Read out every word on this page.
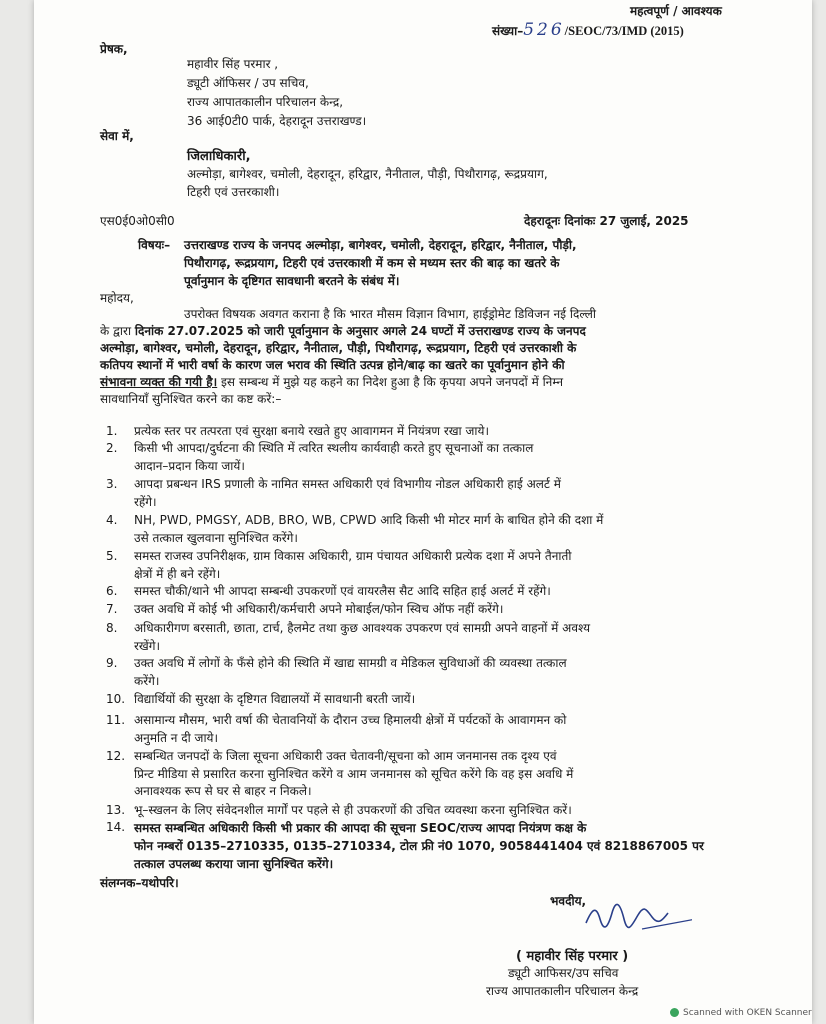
महत्वपूर्ण / आवश्यक
संख्या–526/SEOC/73/IMD (2015)
प्रेषक,
महावीर सिंह परमार ,
ड्यूटी ऑफिसर / उप सचिव,
राज्य आपातकालीन परिचालन केन्द्र,
36 आई0टी0 पार्क, देहरादून उत्तराखण्ड।
सेवा में,
जिलाधिकारी,
अल्मोड़ा, बागेश्वर, चमोली, देहरादून, हरिद्वार, नैनीताल, पौड़ी, पिथौरागढ़, रूद्रप्रयाग,
टिहरी एवं उत्तरकाशी।
एस0ई0ओ0सी0	देहरादूनः दिनांकः 27 जुलाई, 2025
विषयः– उत्तराखण्ड राज्य के जनपद अल्मोड़ा, बागेश्वर, चमोली, देहरादून, हरिद्वार, नैनीताल, पौड़ी,
पिथौरागढ़, रूद्रप्रयाग, टिहरी एवं उत्तरकाशी में कम से मध्यम स्तर की बाढ़ का खतरे के
पूर्वानुमान के दृष्टिगत सावधानी बरतने के संबंध में।
महोदय,
उपरोक्त विषयक अवगत कराना है कि भारत मौसम विज्ञान विभाग, हाईड्रोमेट डिविजन नई दिल्ली
के द्वारा दिनांक 27.07.2025 को जारी पूर्वानुमान के अनुसार अगले 24 घण्टों में उत्तराखण्ड राज्य के जनपद
अल्मोड़ा, बागेश्वर, चमोली, देहरादून, हरिद्वार, नैनीताल, पौड़ी, पिथौरागढ़, रूद्रप्रयाग, टिहरी एवं उत्तरकाशी के
कतिपय स्थानों में भारी वर्षा के कारण जल भराव की स्थिति उत्पन्न होने/बाढ़ का खतरे का पूर्वानुमान होने की
संभावना व्यक्त की गयी है। इस सम्बन्ध में मुझे यह कहने का निदेश हुआ है कि कृपया अपने जनपदों में निम्न
सावधानियाँ सुनिश्चित करने का कष्ट करें:–
1.	प्रत्येक स्तर पर तत्परता एवं सुरक्षा बनाये रखते हुए आवागमन में नियंत्रण रखा जाये।
2.	किसी भी आपदा/दुर्घटना की स्थिति में त्वरित स्थलीय कार्यवाही करते हुए सूचनाओं का तत्काल
आदान–प्रदान किया जायें।
3.	आपदा प्रबन्धन IRS प्रणाली के नामित समस्त अधिकारी एवं विभागीय नोडल अधिकारी हाई अलर्ट में
रहेंगे।
4.	NH, PWD, PMGSY, ADB, BRO, WB, CPWD आदि किसी भी मोटर मार्ग के बाधित होने की दशा में
उसे तत्काल खुलवाना सुनिश्चित करेंगे।
5.	समस्त राजस्व उपनिरीक्षक, ग्राम विकास अधिकारी, ग्राम पंचायत अधिकारी प्रत्येक दशा में अपने तैनाती
क्षेत्रों में ही बने रहेंगे।
6.	समस्त चौकी/थाने भी आपदा सम्बन्धी उपकरणों एवं वायरलैस सैट आदि सहित हाई अलर्ट में रहेंगे।
7.	उक्त अवधि में कोई भी अधिकारी/कर्मचारी अपने मोबाईल/फोन स्विच ऑफ नहीं करेंगे।
8.	अधिकारीगण बरसाती, छाता, टार्च, हैलमेट तथा कुछ आवश्यक उपकरण एवं सामग्री अपने वाहनों में अवश्य
रखेंगे।
9.	उक्त अवधि में लोगों के फँसे होने की स्थिति में खाद्य सामग्री व मेडिकल सुविधाओं की व्यवस्था तत्काल
करेंगे।
10. विद्यार्थियों की सुरक्षा के दृष्टिगत विद्यालयों में सावधानी बरती जायें।
11. असामान्य मौसम, भारी वर्षा की चेतावनियों के दौरान उच्च हिमालयी क्षेत्रों में पर्यटकों के आवागमन को
अनुमति न दी जाये।
12. सम्बन्धित जनपदों के जिला सूचना अधिकारी उक्त चेतावनी/सूचना को आम जनमानस तक दृश्य एवं
प्रिन्ट मीडिया से प्रसारित करना सुनिश्चित करेंगे व आम जनमानस को सूचित करेंगे कि वह इस अवधि में
अनावश्यक रूप से घर से बाहर न निकले।
13. भू–स्खलन के लिए संवेदनशील मार्गों पर पहले से ही उपकरणों की उचित व्यवस्था करना सुनिश्चित करें।
14. समस्त सम्बन्धित अधिकारी किसी भी प्रकार की आपदा की सूचना SEOC/राज्य आपदा नियंत्रण कक्ष के
फोन नम्बरों 0135–2710335, 0135–2710334, टोल फ्री नं0 1070, 9058441404 एवं 8218867005 पर
तत्काल उपलब्ध कराया जाना सुनिश्चित करेंगे।
संलग्नक–यथोपरि।
भवदीय,
( महावीर सिंह परमार )
ड्यूटी आफिसर/उप सचिव
राज्य आपातकालीन परिचालन केन्द्र
Scanned with OKEN Scanner
